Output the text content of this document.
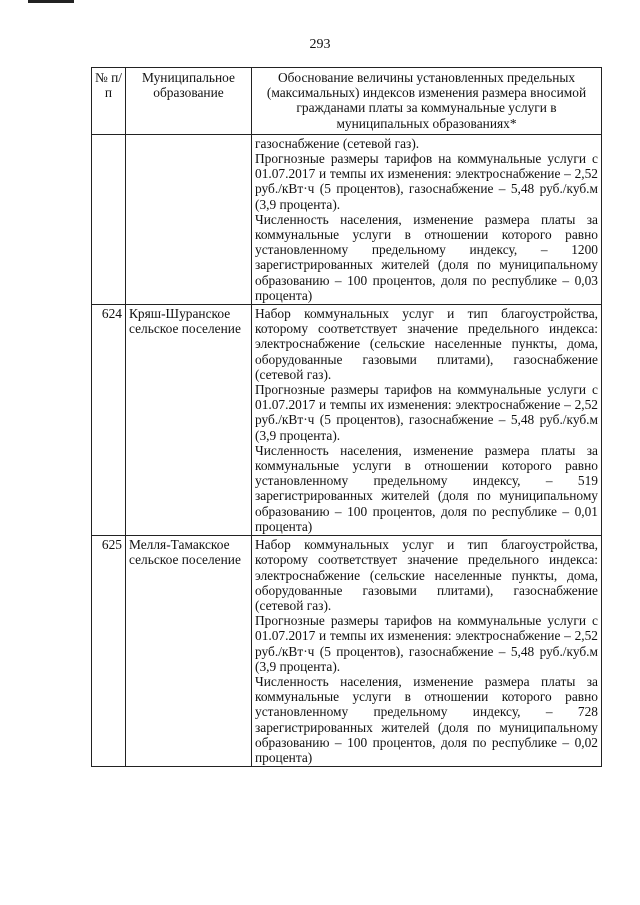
293
№ п/п	Муниципальное образование	Обоснование величины установленных предельных (максимальных) индексов изменения размера вносимой гражданами платы за коммунальные услуги в муниципальных образованиях*

		газоснабжение (сетевой газ).
Прогнозные размеры тарифов на коммунальные услуги с 01.07.2017 и темпы их изменения: электроснабжение – 2,52 руб./кВт·ч (5 процентов), газоснабжение – 5,48 руб./куб.м (3,9 процента).
Численность населения, изменение размера платы за коммунальные услуги в отношении которого равно установленному предельному индексу, – 1200 зарегистрированных жителей (доля по муниципальному образованию – 100 процентов, доля по республике – 0,03 процента)

624	Кряш-Шуранское сельское поселение	Набор коммунальных услуг и тип благоустройства, которому соответствует значение предельного индекса: электроснабжение (сельские населенные пункты, дома, оборудованные газовыми плитами), газоснабжение (сетевой газ).
Прогнозные размеры тарифов на коммунальные услуги с 01.07.2017 и темпы их изменения: электроснабжение – 2,52 руб./кВт·ч (5 процентов), газоснабжение – 5,48 руб./куб.м (3,9 процента).
Численность населения, изменение размера платы за коммунальные услуги в отношении которого равно установленному предельному индексу, – 519 зарегистрированных жителей (доля по муниципальному образованию – 100 процентов, доля по республике – 0,01 процента)

625	Мелля-Тамакское сельское поселение	Набор коммунальных услуг и тип благоустройства, которому соответствует значение предельного индекса: электроснабжение (сельские населенные пункты, дома, оборудованные газовыми плитами), газоснабжение (сетевой газ).
Прогнозные размеры тарифов на коммунальные услуги с 01.07.2017 и темпы их изменения: электроснабжение – 2,52 руб./кВт·ч (5 процентов), газоснабжение – 5,48 руб./куб.м (3,9 процента).
Численность населения, изменение размера платы за коммунальные услуги в отношении которого равно установленному предельному индексу, – 728 зарегистрированных жителей (доля по муниципальному образованию – 100 процентов, доля по республике – 0,02 процента)
